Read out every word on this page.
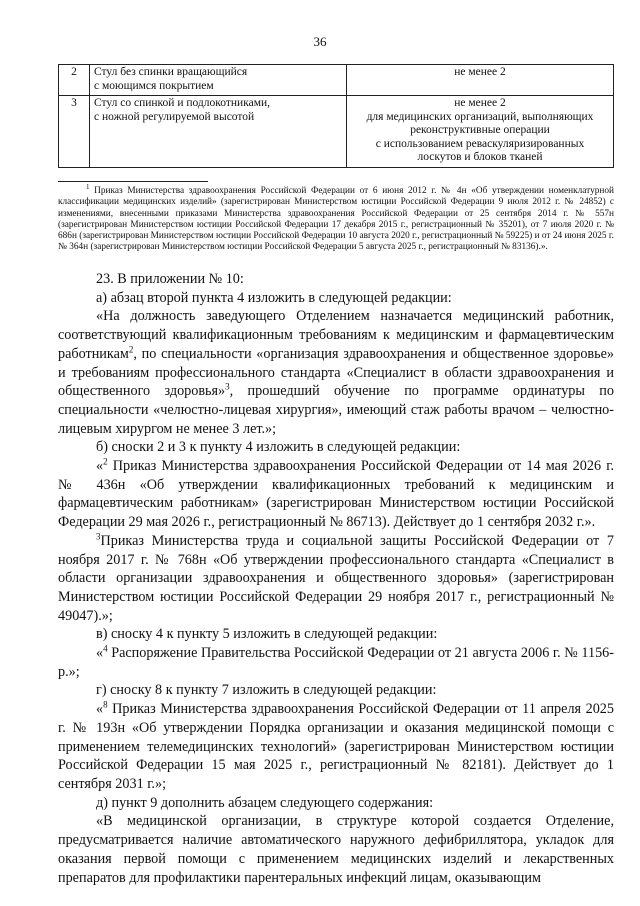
36
2	Стул без спинки вращающийся
с моющимся покрытием	не менее 2
3	Стул со спинкой и подлокотниками,
с ножной регулируемой высотой	не менее 2
для медицинских организаций, выполняющих
реконструктивные операции
с использованием реваскуляризированных
лоскутов и блоков тканей
$^1$ Приказ Министерства здравоохранения Российской Федерации от 6 июня 2012 г. № 4н «Об утверждении номенклатурной классификации медицинских изделий» (зарегистрирован Министерством юстиции Российской Федерации 9 июля 2012 г. № 24852) с изменениями, внесенными приказами Министерства здравоохранения Российской Федерации от 25 сентября 2014 г. № 557н (зарегистрирован Министерством юстиции Российской Федерации 17 декабря 2015 г., регистрационный № 35201), от 7 июля 2020 г. № 686н (зарегистрирован Министерством юстиции Российской Федерации 10 августа 2020 г., регистрационный № 59225) и от 24 июня 2025 г. № 364н (зарегистрирован Министерством юстиции Российской Федерации 5 августа 2025 г., регистрационный № 83136).».

23. В приложении № 10:

а) абзац второй пункта 4 изложить в следующей редакции:

«На должность заведующего Отделением назначается медицинский работник, соответствующий квалификационным требованиям к медицинским и фармацевтическим работникам$^2$, по специальности «организация здравоохранения и общественное здоровье» и требованиям профессионального стандарта «Специалист в области здравоохранения и общественного здоровья»$^3$, прошедший обучение по программе ординатуры по специальности «челюстно-лицевая хирургия», имеющий стаж работы врачом – челюстно-лицевым хирургом не менее 3 лет.»;

б) сноски 2 и 3 к пункту 4 изложить в следующей редакции:

«$^2$ Приказ Министерства здравоохранения Российской Федерации от 14 мая 2026 г. № 436н «Об утверждении квалификационных требований к медицинским и фармацевтическим работникам» (зарегистрирован Министерством юстиции Российской Федерации 29 мая 2026 г., регистрационный № 86713). Действует до 1 сентября 2032 г.».

$^3$Приказ Министерства труда и социальной защиты Российской Федерации от 7 ноября 2017 г. № 768н «Об утверждении профессионального стандарта «Специалист в области организации здравоохранения и общественного здоровья» (зарегистрирован Министерством юстиции Российской Федерации 29 ноября 2017 г., регистрационный № 49047).»;

в) сноску 4 к пункту 5 изложить в следующей редакции:

«$^4$ Распоряжение Правительства Российской Федерации от 21 августа 2006 г. № 1156-р.»;

г) сноску 8 к пункту 7 изложить в следующей редакции:

«$^8$ Приказ Министерства здравоохранения Российской Федерации от 11 апреля 2025 г. № 193н «Об утверждении Порядка организации и оказания медицинской помощи с применением телемедицинских технологий» (зарегистрирован Министерством юстиции Российской Федерации 15 мая 2025 г., регистрационный № 82181). Действует до 1 сентября 2031 г.»;

д) пункт 9 дополнить абзацем следующего содержания:

«В медицинской организации, в структуре которой создается Отделение, предусматривается наличие автоматического наружного дефибриллятора, укладок для оказания первой помощи с применением медицинских изделий и лекарственных препаратов для профилактики парентеральных инфекций лицам, оказывающим
